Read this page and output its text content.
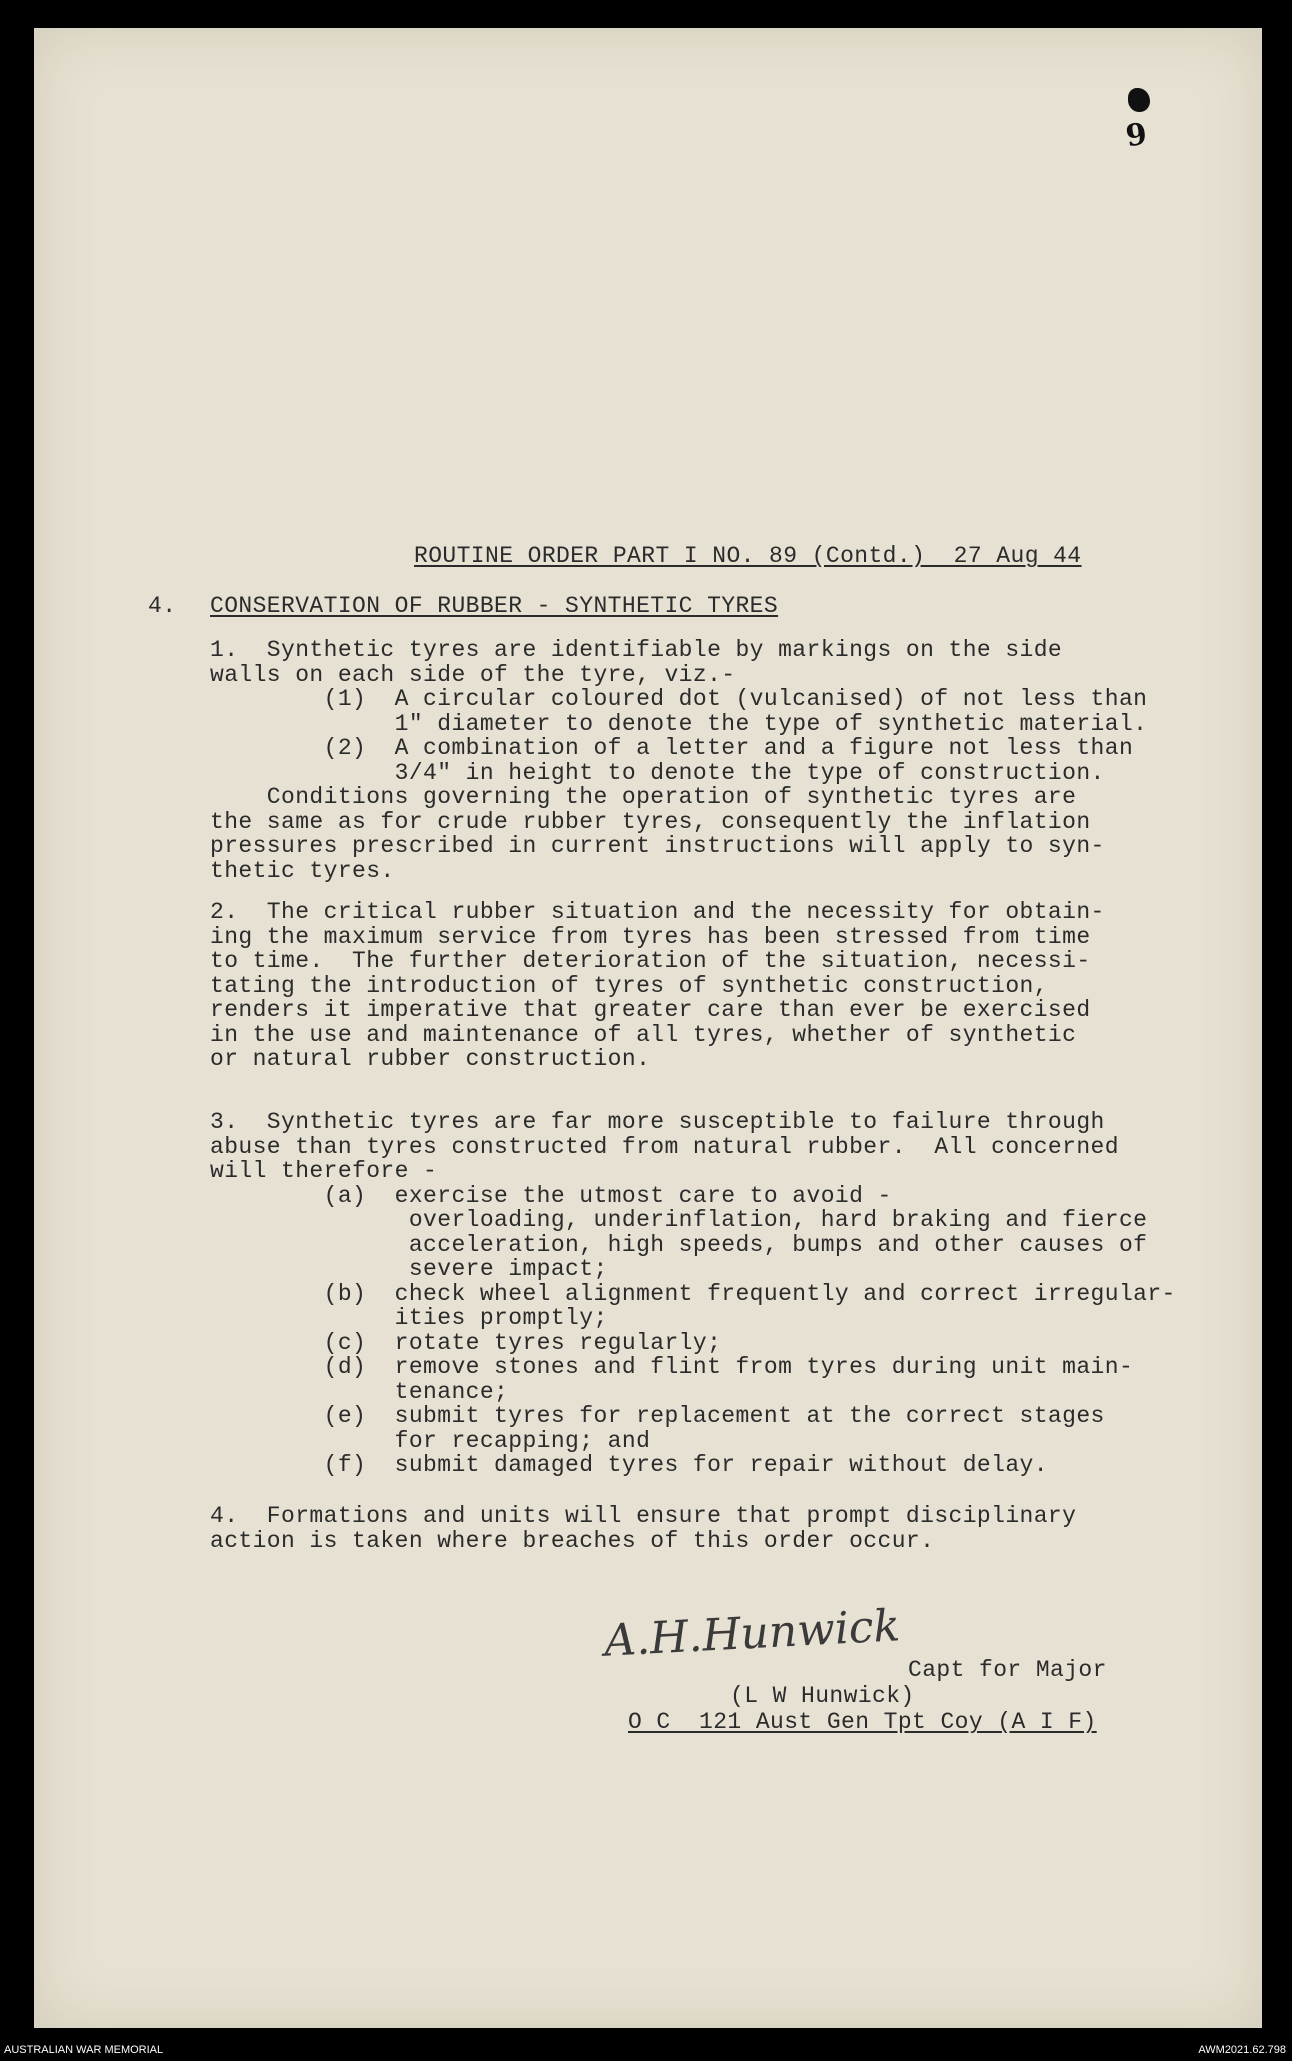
9
ROUTINE ORDER PART I NO. 89 (Contd.)  27 Aug 44
4. CONSERVATION OF RUBBER - SYNTHETIC TYRES
1.  Synthetic tyres are identifiable by markings on the side
walls on each side of the tyre, viz.-
(1)  A circular coloured dot (vulcanised) of not less than
1" diameter to denote the type of synthetic material.
(2)  A combination of a letter and a figure not less than
3/4" in height to denote the type of construction.
Conditions governing the operation of synthetic tyres are
the same as for crude rubber tyres, consequently the inflation
pressures prescribed in current instructions will apply to syn-
thetic tyres.
2.  The critical rubber situation and the necessity for obtain-
ing the maximum service from tyres has been stressed from time
to time.  The further deterioration of the situation, necessi-
tating the introduction of tyres of synthetic construction,
renders it imperative that greater care than ever be exercised
in the use and maintenance of all tyres, whether of synthetic
or natural rubber construction.
3.  Synthetic tyres are far more susceptible to failure through
abuse than tyres constructed from natural rubber.  All concerned
will therefore -
(a)  exercise the utmost care to avoid -
overloading, underinflation, hard braking and fierce
acceleration, high speeds, bumps and other causes of
severe impact;
(b)  check wheel alignment frequently and correct irregular-
ities promptly;
(c)  rotate tyres regularly;
(d)  remove stones and flint from tyres during unit main-
tenance;
(e)  submit tyres for replacement at the correct stages
for recapping; and
(f)  submit damaged tyres for repair without delay.
4.  Formations and units will ensure that prompt disciplinary
action is taken where breaches of this order occur.
A.H.Hunwick
Capt for Major
(L W Hunwick)
O C  121 Aust Gen Tpt Coy (A I F)
AUSTRALIAN WAR MEMORIAL	AWM2021.62.798
